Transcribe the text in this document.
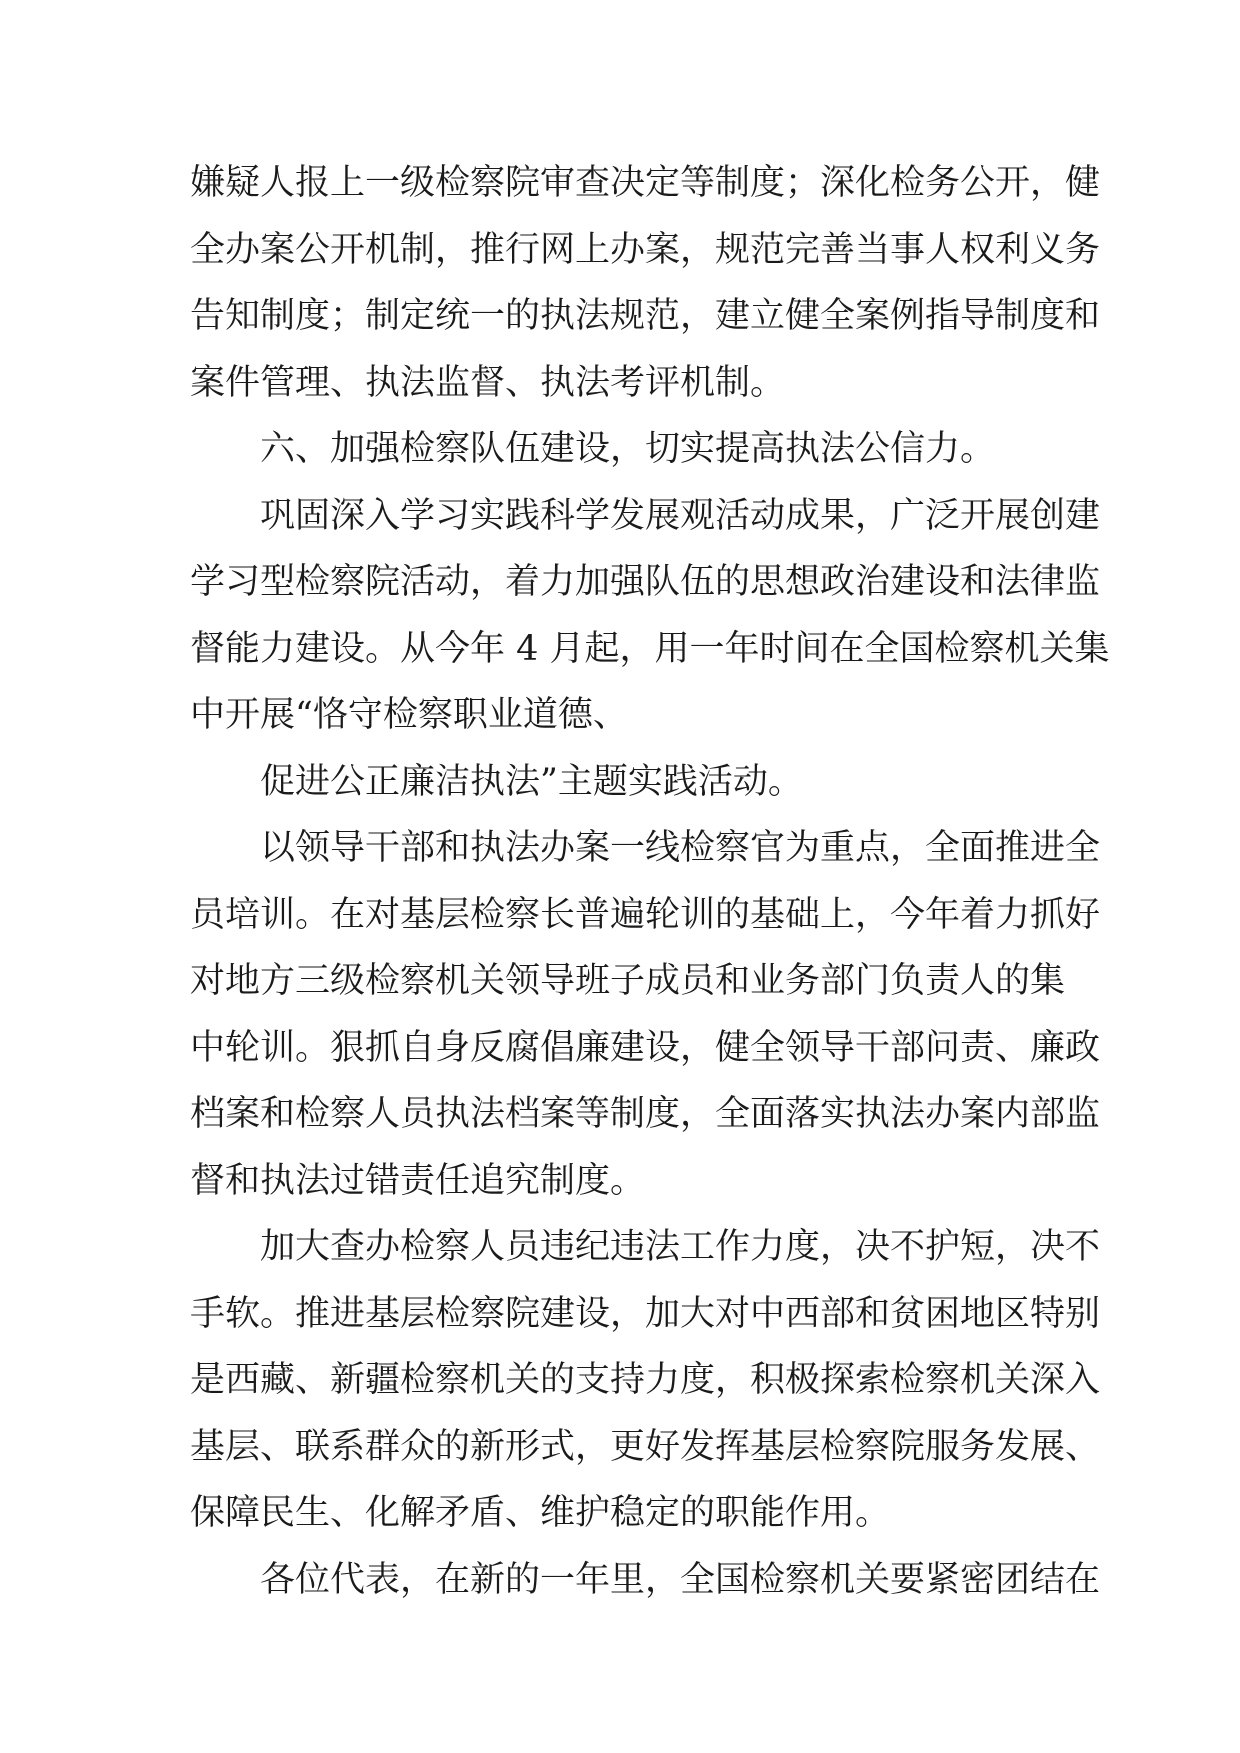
嫌疑人报上一级检察院审查决定等制度；深化检务公开，健
全办案公开机制，推行网上办案，规范完善当事人权利义务
告知制度；制定统一的执法规范，建立健全案例指导制度和
案件管理、执法监督、执法考评机制。
六、加强检察队伍建设，切实提高执法公信力。
巩固深入学习实践科学发展观活动成果，广泛开展创建
学习型检察院活动，着力加强队伍的思想政治建设和法律监
督能力建设。从今年 4 月起，用一年时间在全国检察机关集
中开展“恪守检察职业道德、
促进公正廉洁执法”主题实践活动。
以领导干部和执法办案一线检察官为重点，全面推进全
员培训。在对基层检察长普遍轮训的基础上，今年着力抓好
对地方三级检察机关领导班子成员和业务部门负责人的集
中轮训。狠抓自身反腐倡廉建设，健全领导干部问责、廉政
档案和检察人员执法档案等制度，全面落实执法办案内部监
督和执法过错责任追究制度。
加大查办检察人员违纪违法工作力度，决不护短，决不
手软。推进基层检察院建设，加大对中西部和贫困地区特别
是西藏、新疆检察机关的支持力度，积极探索检察机关深入
基层、联系群众的新形式，更好发挥基层检察院服务发展、
保障民生、化解矛盾、维护稳定的职能作用。
各位代表，在新的一年里，全国检察机关要紧密团结在
